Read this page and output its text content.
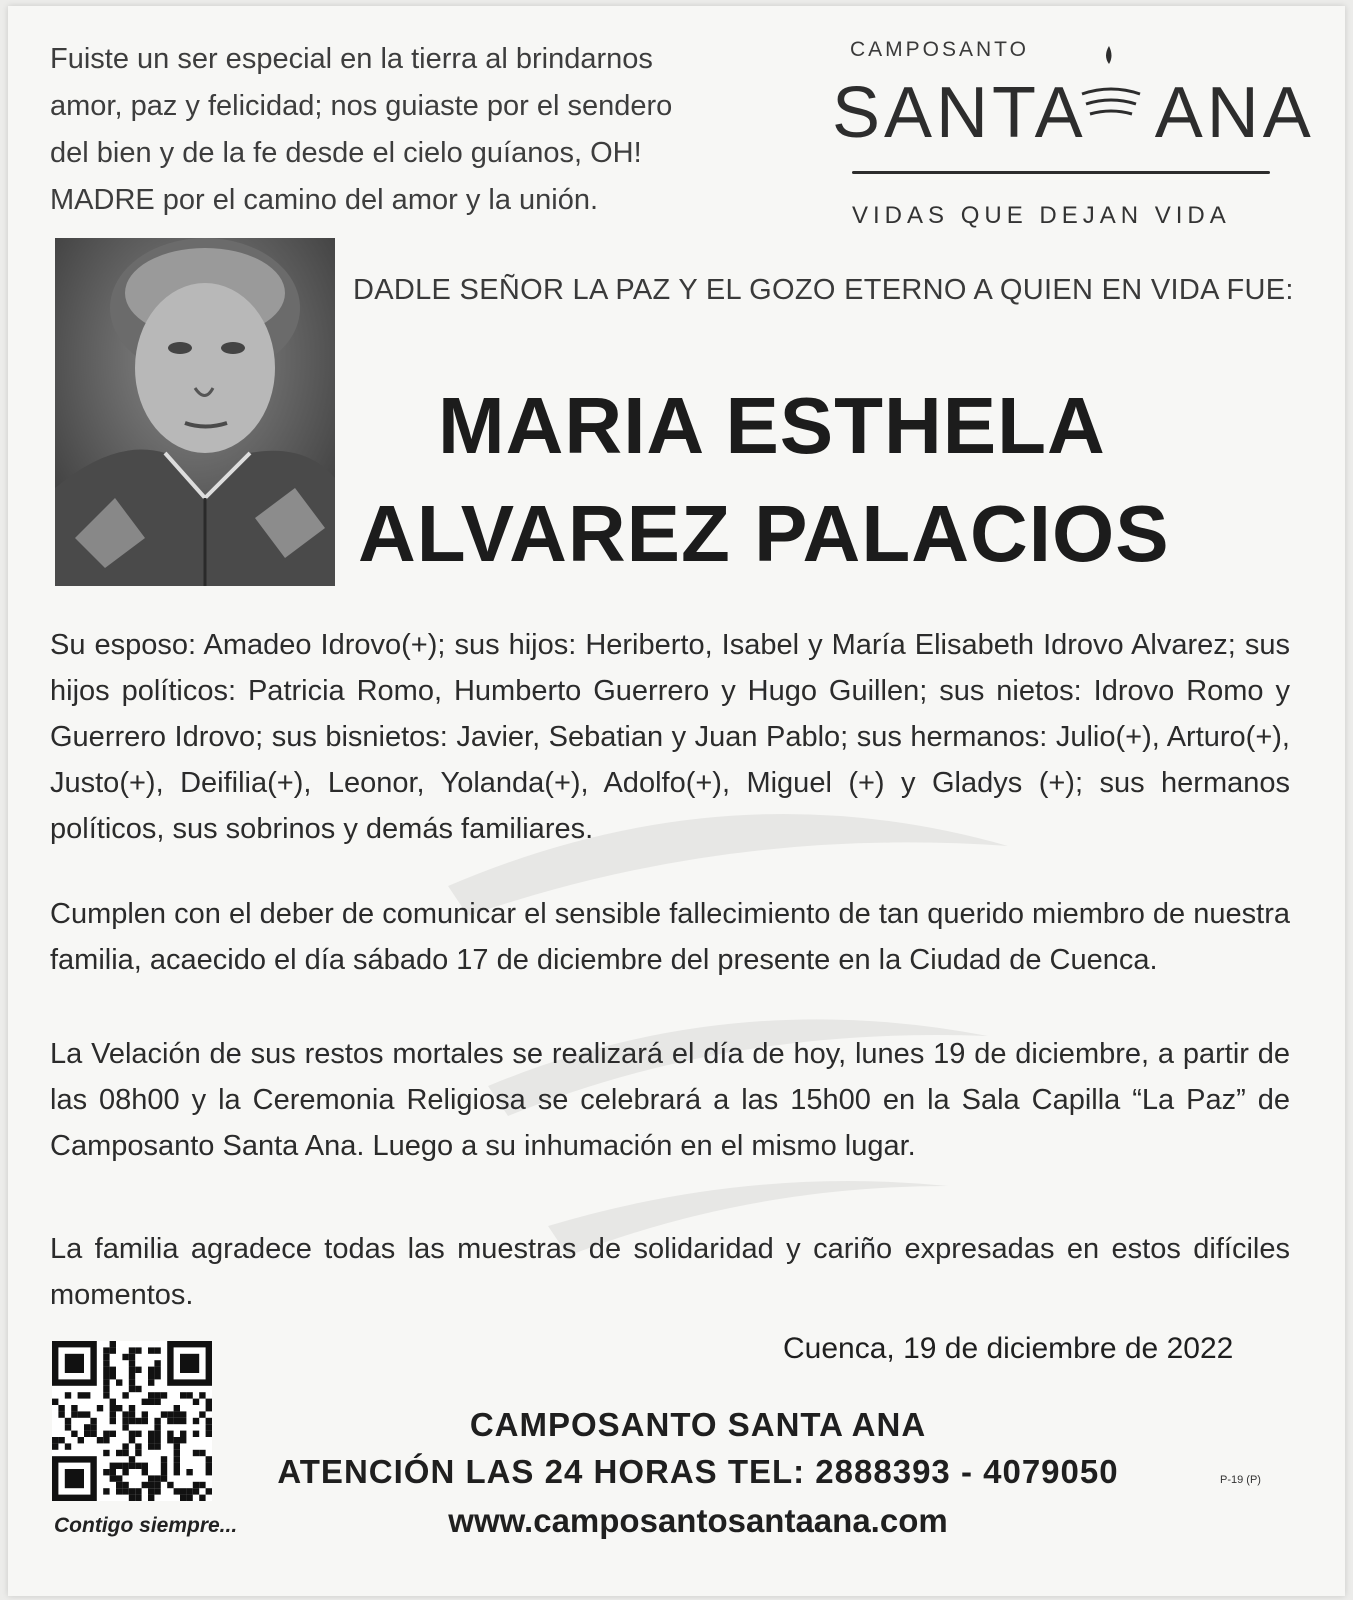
Fuiste un ser especial en la tierra al brindarnos
amor, paz y felicidad; nos guiaste por el sendero
del bien y de la fe desde el cielo guíanos, OH!
MADRE por el camino del amor y la unión.
CAMPOSANTO
SANTA ANA
VIDAS QUE DEJAN VIDA
DADLE SEÑOR LA PAZ Y EL GOZO ETERNO A QUIEN EN VIDA FUE:
MARIA ESTHELA
ALVAREZ PALACIOS
Su esposo: Amadeo Idrovo(+); sus hijos: Heriberto, Isabel y María Elisabeth Idrovo Alvarez; sus hijos políticos: Patricia Romo, Humberto Guerrero y Hugo Guillen; sus nietos: Idrovo Romo y Guerrero Idrovo; sus bisnietos: Javier, Sebatian y Juan Pablo; sus hermanos: Julio(+), Arturo(+), Justo(+), Deifilia(+), Leonor, Yolanda(+), Adolfo(+), Miguel (+) y Gladys (+); sus hermanos políticos, sus sobrinos y demás familiares.
Cumplen con el deber de comunicar el sensible fallecimiento de tan querido miembro de nuestra familia, acaecido el día sábado 17 de diciembre del presente en la Ciudad de Cuenca.
La Velación de sus restos mortales se realizará el día de hoy, lunes 19 de diciembre, a partir de las 08h00 y la Ceremonia Religiosa se celebrará a las 15h00 en la Sala Capilla “La Paz” de Camposanto Santa Ana. Luego a su inhumación en el mismo lugar.
La familia agradece todas las muestras de solidaridad y cariño expresadas en estos difíciles momentos.
Cuenca, 19 de diciembre de 2022
Contigo siempre...
CAMPOSANTO SANTA ANA
ATENCIÓN LAS 24 HORAS TEL: 2888393 - 4079050
www.camposantosantaana.com
P-19 (P)
